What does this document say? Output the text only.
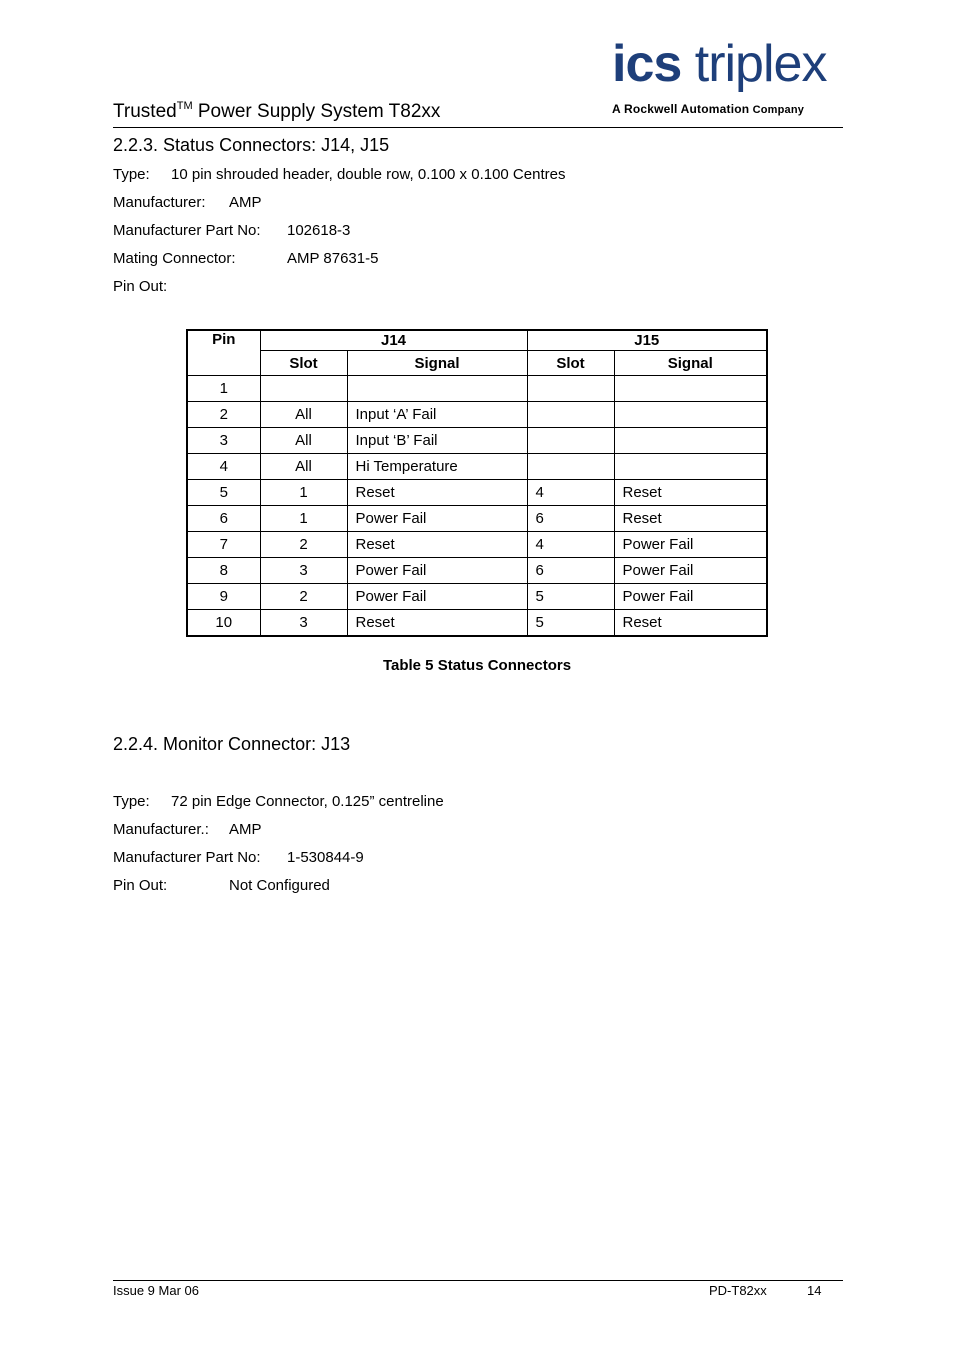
Trusted™ Power Supply System T82xx
ics triplex
A Rockwell Automation Company
2.2.3. Status Connectors: J14, J15
Type: 10 pin shrouded header, double row, 0.100 x 0.100 Centres
Manufacturer: AMP
Manufacturer Part No: 102618-3
Mating Connector:	AMP 87631-5
Pin Out:
Pin	J14		J15	
	Slot	Signal	Slot	Signal
1				
2	All	Input ‘A’ Fail		
3	All	Input ‘B’ Fail		
4	All	Hi Temperature		
5	1	Reset	4	Reset
6	1	Power Fail	6	Reset
7	2	Reset	4	Power Fail
8	3	Power Fail	6	Power Fail
9	2	Power Fail	5	Power Fail
10	3	Reset	5	Reset
Table 5 Status Connectors
2.2.4. Monitor Connector: J13
Type: 72 pin Edge Connector, 0.125” centreline
Manufacturer.: AMP
Manufacturer Part No: 1-530844-9
Pin Out:	Not Configured
Issue 9 Mar 06	PD-T82xx	14
